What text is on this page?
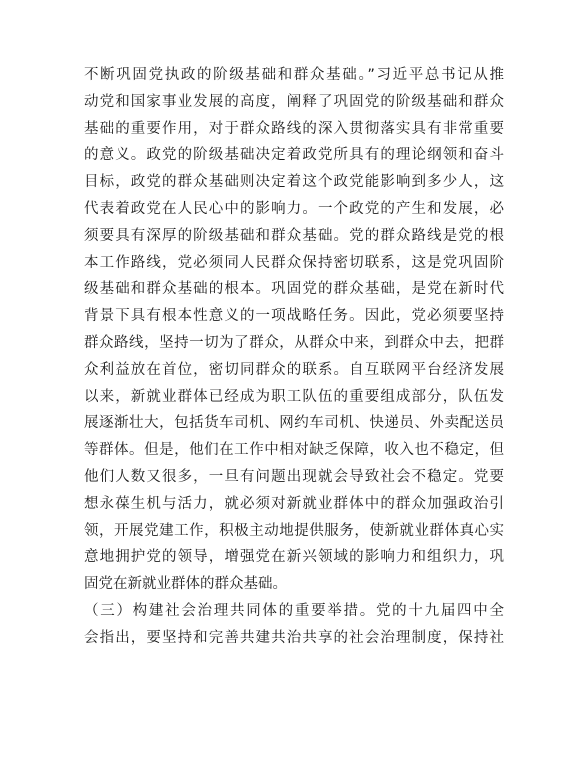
不断巩固党执政的阶级基础和群众基础。”习近平总书记从推
动党和国家事业发展的高度，阐释了巩固党的阶级基础和群众
基础的重要作用，对于群众路线的深入贯彻落实具有非常重要
的意义。政党的阶级基础决定着政党所具有的理论纲领和奋斗
目标，政党的群众基础则决定着这个政党能影响到多少人，这
代表着政党在人民心中的影响力。一个政党的产生和发展，必
须要具有深厚的阶级基础和群众基础。党的群众路线是党的根
本工作路线，党必须同人民群众保持密切联系，这是党巩固阶
级基础和群众基础的根本。巩固党的群众基础，是党在新时代
背景下具有根本性意义的一项战略任务。因此，党必须要坚持
群众路线，坚持一切为了群众，从群众中来，到群众中去，把群
众利益放在首位，密切同群众的联系。自互联网平台经济发展
以来，新就业群体已经成为职工队伍的重要组成部分，队伍发
展逐渐壮大，包括货车司机、网约车司机、快递员、外卖配送员
等群体。但是，他们在工作中相对缺乏保障，收入也不稳定，但
他们人数又很多，一旦有问题出现就会导致社会不稳定。党要
想永葆生机与活力，就必须对新就业群体中的群众加强政治引
领，开展党建工作，积极主动地提供服务，使新就业群体真心实
意地拥护党的领导，增强党在新兴领域的影响力和组织力，巩
固党在新就业群体的群众基础。
（三）构建社会治理共同体的重要举措。党的十九届四中全
会指出，要坚持和完善共建共治共享的社会治理制度，保持社
